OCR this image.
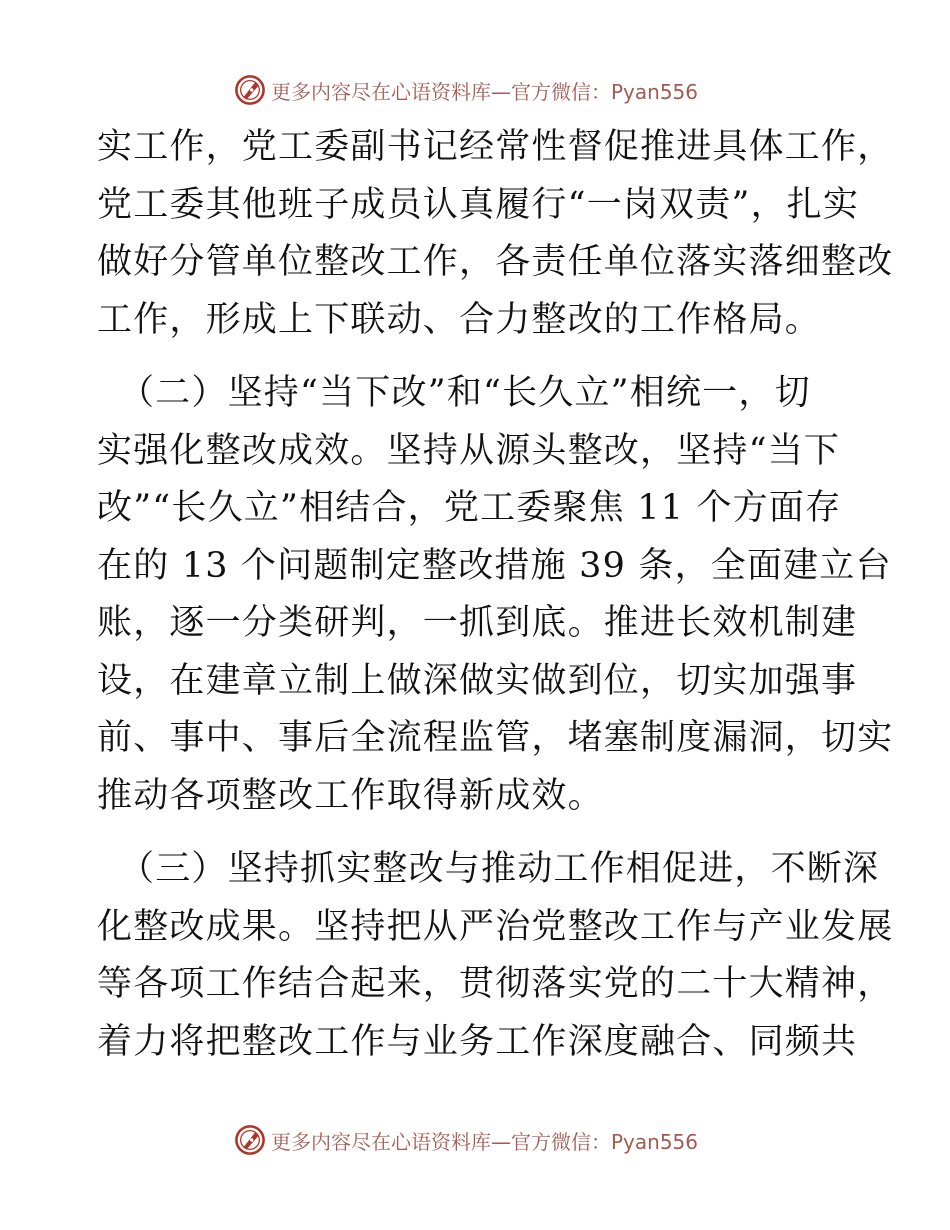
更多内容尽在心语资料库—官方微信：Pyan556
实工作，党工委副书记经常性督促推进具体工作，
党工委其他班子成员认真履行“一岗双责”，扎实
做好分管单位整改工作，各责任单位落实落细整改
工作，形成上下联动、合力整改的工作格局。
（二）坚持“当下改”和“长久立”相统一，切
实强化整改成效。坚持从源头整改，坚持“当下
改”“长久立”相结合，党工委聚焦 11 个方面存
在的 13 个问题制定整改措施 39 条，全面建立台
账，逐一分类研判，一抓到底。推进长效机制建
设，在建章立制上做深做实做到位，切实加强事
前、事中、事后全流程监管，堵塞制度漏洞，切实
推动各项整改工作取得新成效。
（三）坚持抓实整改与推动工作相促进，不断深
化整改成果。坚持把从严治党整改工作与产业发展
等各项工作结合起来，贯彻落实党的二十大精神，
着力将把整改工作与业务工作深度融合、同频共
更多内容尽在心语资料库—官方微信：Pyan556
